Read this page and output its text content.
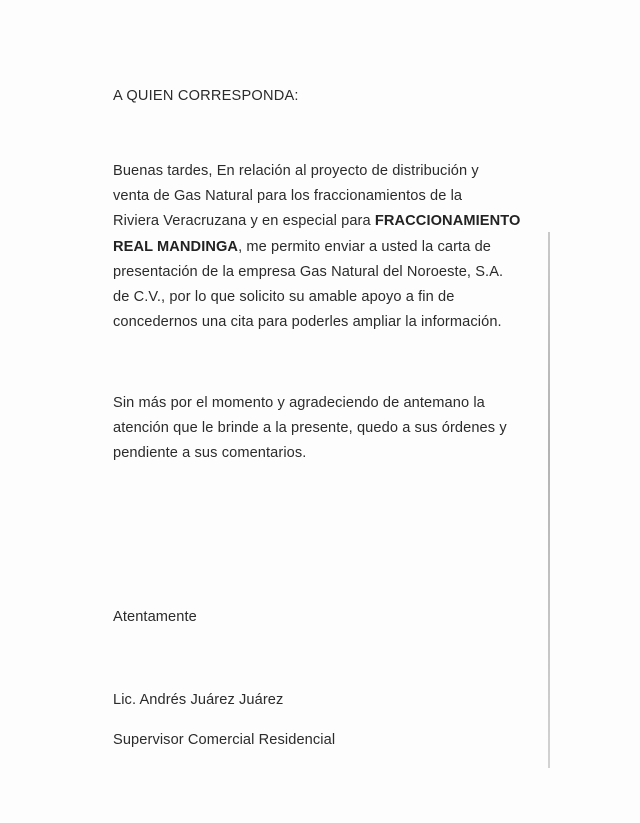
A QUIEN CORRESPONDA:
Buenas tardes, En relación al proyecto de distribución y
venta de Gas Natural para los fraccionamientos de la
Riviera Veracruzana y en especial para FRACCIONAMIENTO
REAL MANDINGA, me permito enviar a usted la carta de
presentación de la empresa Gas Natural del Noroeste, S.A.
de C.V., por lo que solicito su amable apoyo a fin de
concedernos una cita para poderles ampliar la información.
Sin más por el momento y agradeciendo de antemano la
atención que le brinde a la presente, quedo a sus órdenes y
pendiente a sus comentarios.
Atentamente
Lic. Andrés Juárez Juárez
Supervisor Comercial Residencial
